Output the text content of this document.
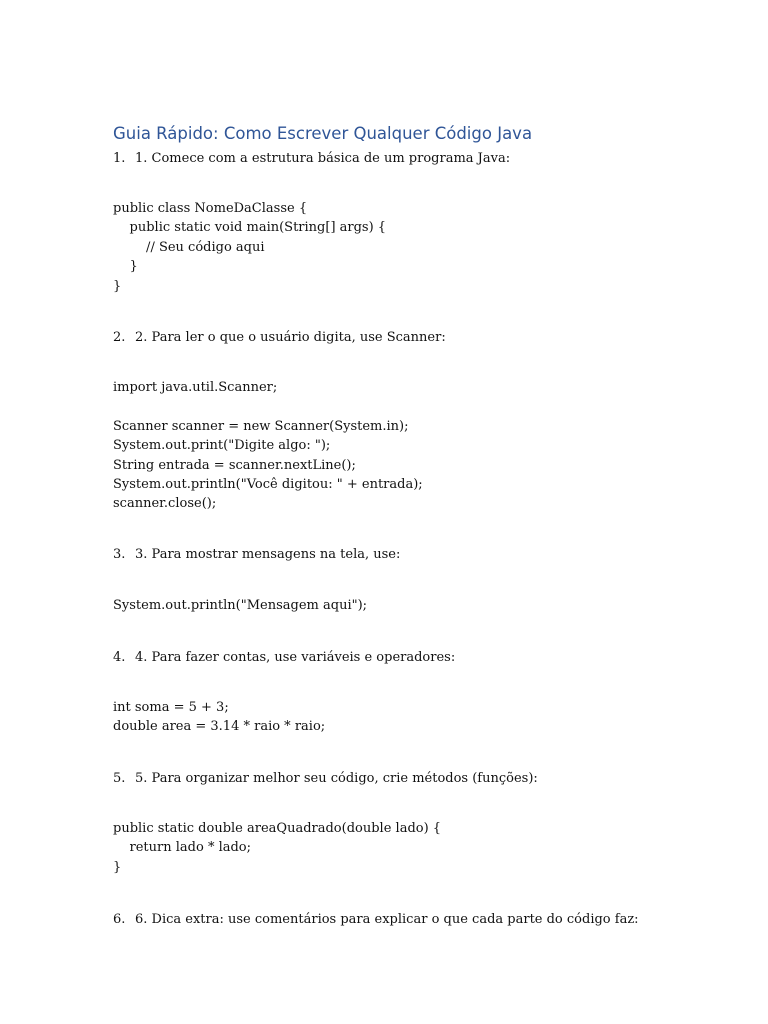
Guia Rápido: Como Escrever Qualquer Código Java
1. 1. Comece com a estrutura básica de um programa Java:
public class NomeDaClasse {
public static void main(String[] args) {
// Seu código aqui
}
}
2. 2. Para ler o que o usuário digita, use Scanner:
import java.util.Scanner;

Scanner scanner = new Scanner(System.in);
System.out.print("Digite algo: ");
String entrada = scanner.nextLine();
System.out.println("Você digitou: " + entrada);
scanner.close();
3. 3. Para mostrar mensagens na tela, use:
System.out.println("Mensagem aqui");
4. 4. Para fazer contas, use variáveis e operadores:
int soma = 5 + 3;
double area = 3.14 * raio * raio;
5. 5. Para organizar melhor seu código, crie métodos (funções):
public static double areaQuadrado(double lado) {
return lado * lado;
}
6. 6. Dica extra: use comentários para explicar o que cada parte do código faz:
